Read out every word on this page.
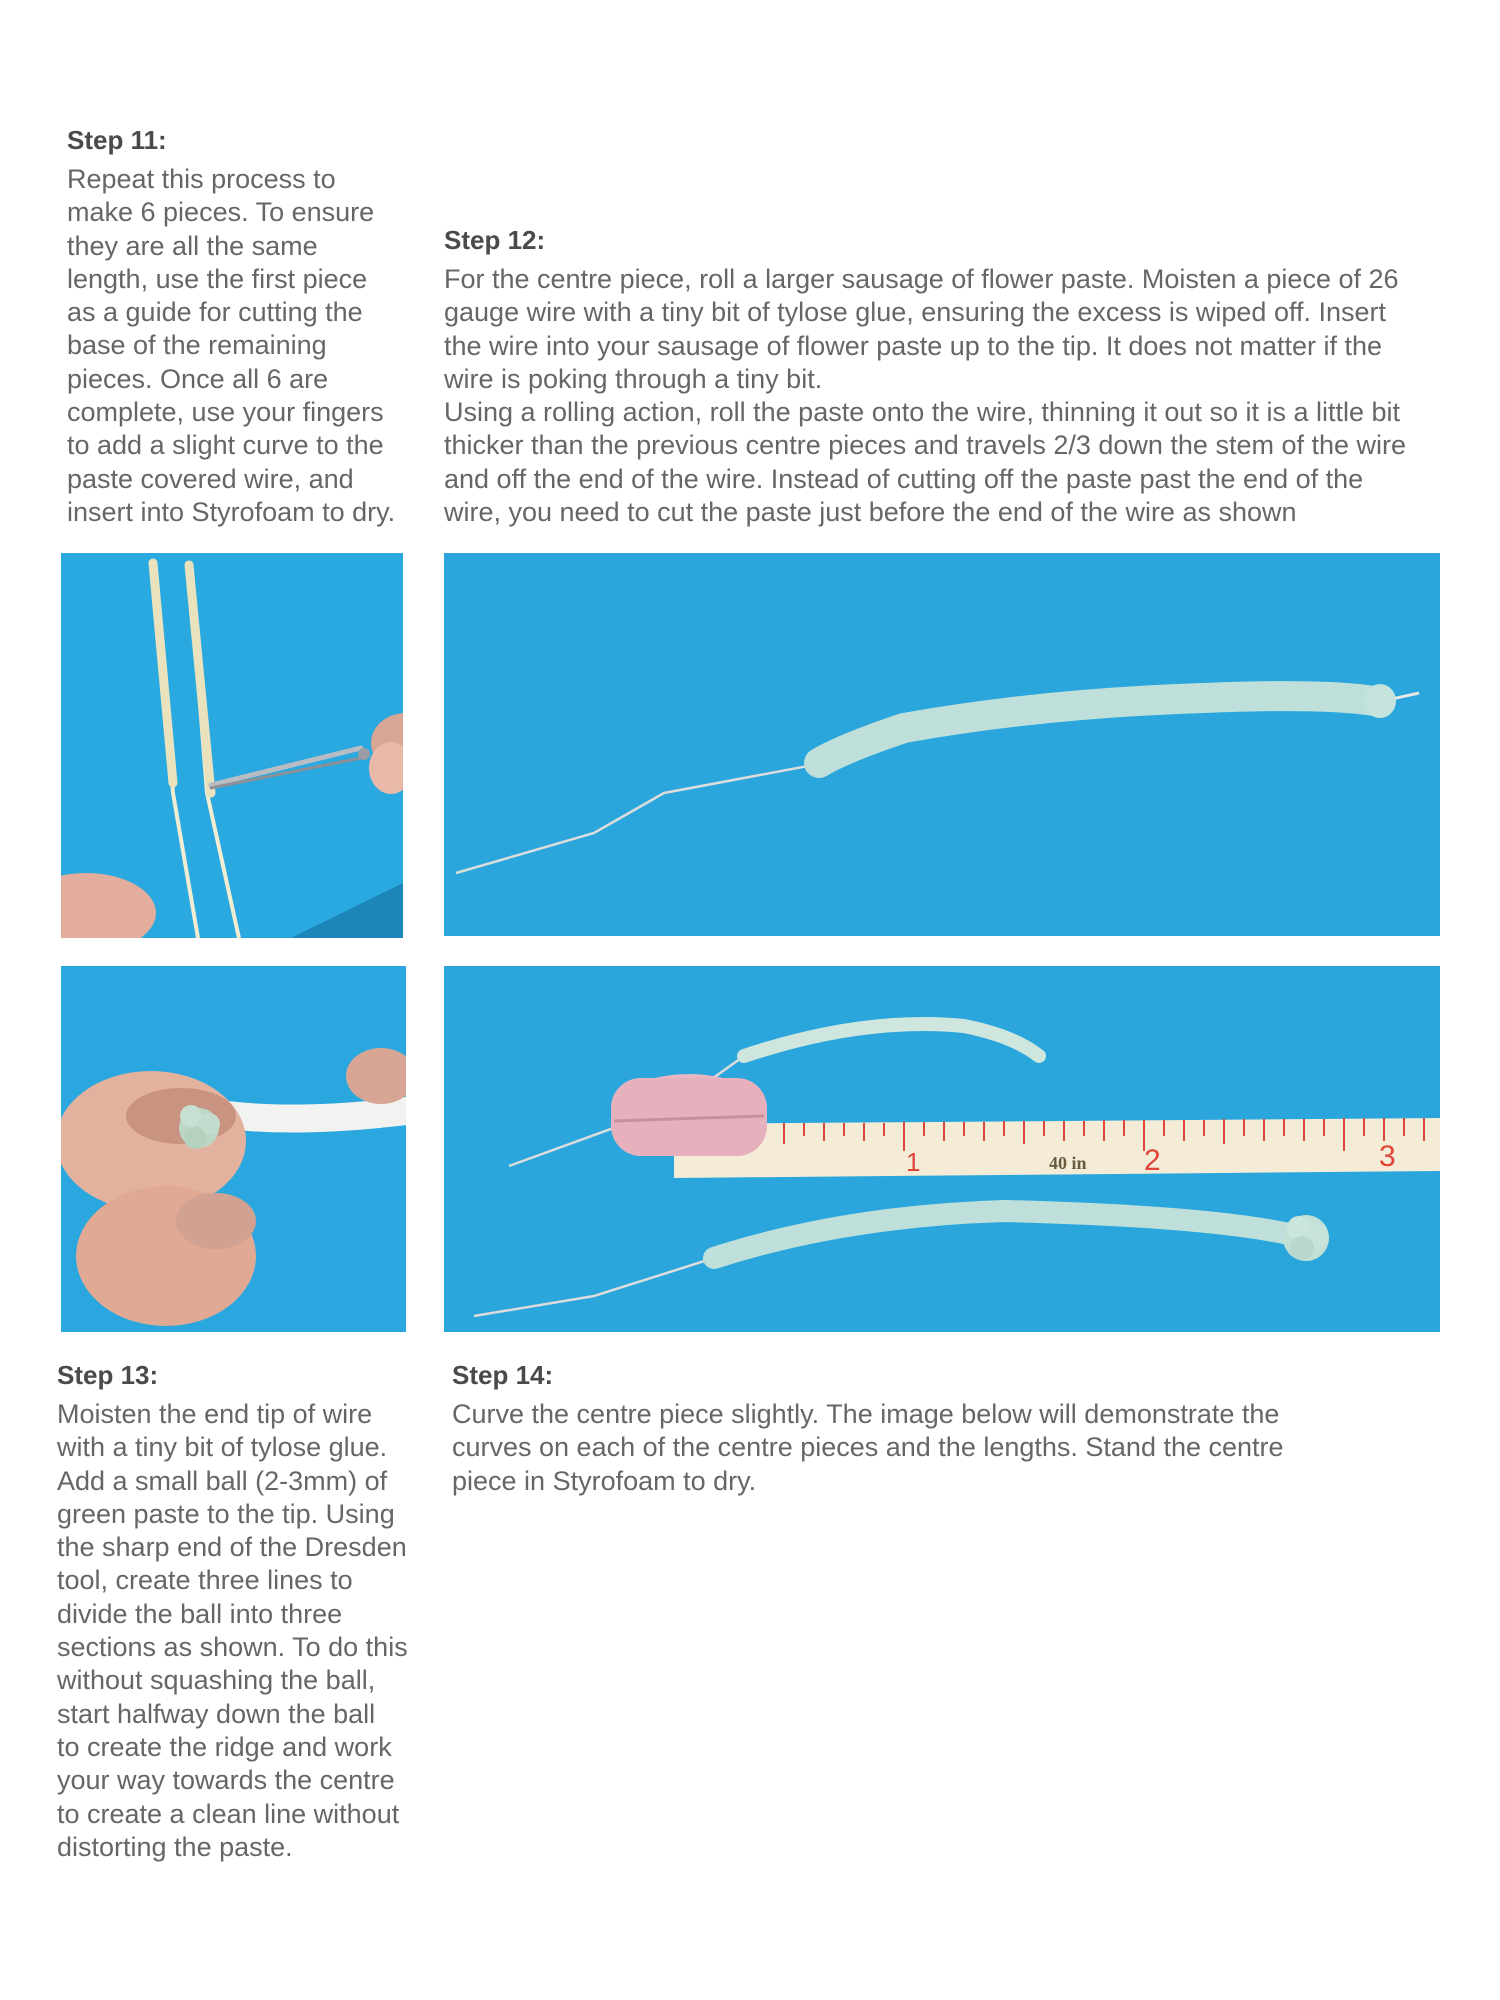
Step 11:

Repeat this process to
make 6 pieces. To ensure
they are all the same
length, use the first piece
as a guide for cutting the
base of the remaining
pieces. Once all 6 are
complete, use your fingers
to add a slight curve to the
paste covered wire, and
insert into Styrofoam to dry.

Step 12:

For the centre piece, roll a larger sausage of flower paste. Moisten a piece of 26
gauge wire with a tiny bit of tylose glue, ensuring the excess is wiped off. Insert
the wire into your sausage of flower paste up to the tip. It does not matter if the
wire is poking through a tiny bit.
Using a rolling action, roll the paste onto the wire, thinning it out so it is a little bit
thicker than the previous centre pieces and travels 2/3 down the stem of the wire
and off the end of the wire. Instead of cutting off the paste past the end of the
wire, you need to cut the paste just before the end of the wire as shown

1	40 in 2	3
Step 13:

Moisten the end tip of wire
with a tiny bit of tylose glue.
Add a small ball (2-3mm) of
green paste to the tip. Using
the sharp end of the Dresden
tool, create three lines to
divide the ball into three
sections as shown. To do this
without squashing the ball,
start halfway down the ball
to create the ridge and work
your way towards the centre
to create a clean line without
distorting the paste.

Step 14:

Curve the centre piece slightly. The image below will demonstrate the
curves on each of the centre pieces and the lengths. Stand the centre
piece in Styrofoam to dry.
